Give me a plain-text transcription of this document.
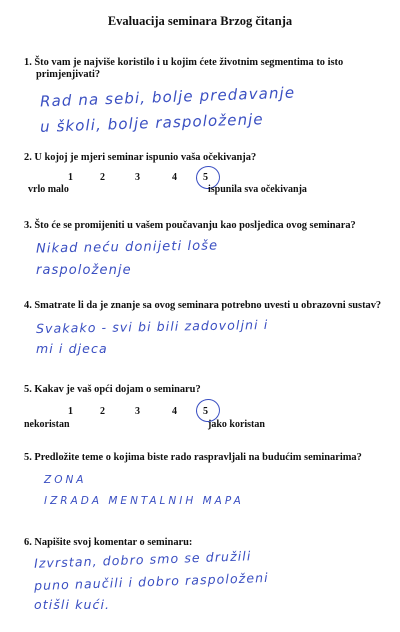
Evaluacija seminara Brzog čitanja
1. Što vam je najviše koristilo i u kojim ćete životnim segmentima to isto
primjenjivati?
Rad na sebi, bolje predavanje
u školi, bolje raspoloženje
2. U kojoj je mjeri seminar ispunio vaša očekivanja?
1	2	3	4	5
vrlo malo	ispunila sva očekivanja
3. Što će se promijeniti u vašem poučavanju kao posljedica ovog seminara?
Nikad neću donijeti loše
raspoloženje
4. Smatrate li da je znanje sa ovog seminara potrebno uvesti u obrazovni sustav?
Svakako - svi bi bili zadovoljni i
mi i djeca
5. Kakav je vaš opći dojam o seminaru?
1	2	3	4	5
nekoristan	jako koristan
5. Predložite teme o kojima biste rado raspravljali na budućim seminarima?
ZONA
IZRADA MENTALNIH MAPA
6. Napišite svoj komentar o seminaru:
Izvrstan, dobro smo se družili
puno naučili i dobro raspoloženi
otišli kući.
